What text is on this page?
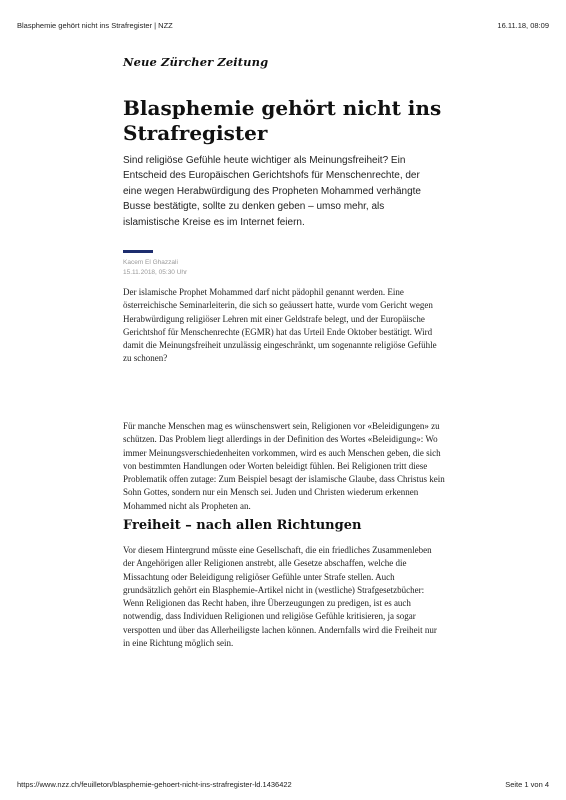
Blasphemie gehört nicht ins Strafregister | NZZ	16.11.18, 08:09
Neue Zürcher Zeitung
Blasphemie gehört nicht ins Strafregister

Sind religiöse Gefühle heute wichtiger als Meinungsfreiheit? Ein Entscheid des Europäischen Gerichtshofs für Menschenrechte, der eine wegen Herabwürdigung des Propheten Mohammed verhängte Busse bestätigte, sollte zu denken geben – umso mehr, als islamistische Kreise es im Internet feiern.

Kacem El Ghazzali
15.11.2018, 05:30 Uhr

Der islamische Prophet Mohammed darf nicht pädophil genannt werden. Eine österreichische Seminarleiterin, die sich so geäussert hatte, wurde vom Gericht wegen Herabwürdigung religiöser Lehren mit einer Geldstrafe belegt, und der Europäische Gerichtshof für Menschenrechte (EGMR) hat das Urteil Ende Oktober bestätigt. Wird damit die Meinungsfreiheit unzulässig eingeschränkt, um sogenannte religiöse Gefühle zu schonen?

Für manche Menschen mag es wünschenswert sein, Religionen vor «Beleidigungen» zu schützen. Das Problem liegt allerdings in der Definition des Wortes «Beleidigung»: Wo immer Meinungsverschiedenheiten vorkommen, wird es auch Menschen geben, die sich von bestimmten Handlungen oder Worten beleidigt fühlen. Bei Religionen tritt diese Problematik offen zutage: Zum Beispiel besagt der islamische Glaube, dass Christus kein Sohn Gottes, sondern nur ein Mensch sei. Juden und Christen wiederum erkennen Mohammed nicht als Propheten an.

Freiheit – nach allen Richtungen

Vor diesem Hintergrund müsste eine Gesellschaft, die ein friedliches Zusammenleben der Angehörigen aller Religionen anstrebt, alle Gesetze abschaffen, welche die Missachtung oder Beleidigung religiöser Gefühle unter Strafe stellen. Auch grundsätzlich gehört ein Blasphemie-Artikel nicht in (westliche) Strafgesetzbücher: Wenn Religionen das Recht haben, ihre Überzeugungen zu predigen, ist es auch notwendig, dass Individuen Religionen und religiöse Gefühle kritisieren, ja sogar verspotten und über das Allerheiligste lachen können. Andernfalls wird die Freiheit nur in eine Richtung möglich sein.

https://www.nzz.ch/feuilleton/blasphemie-gehoert-nicht-ins-strafregister-ld.1436422	Seite 1 von 4
